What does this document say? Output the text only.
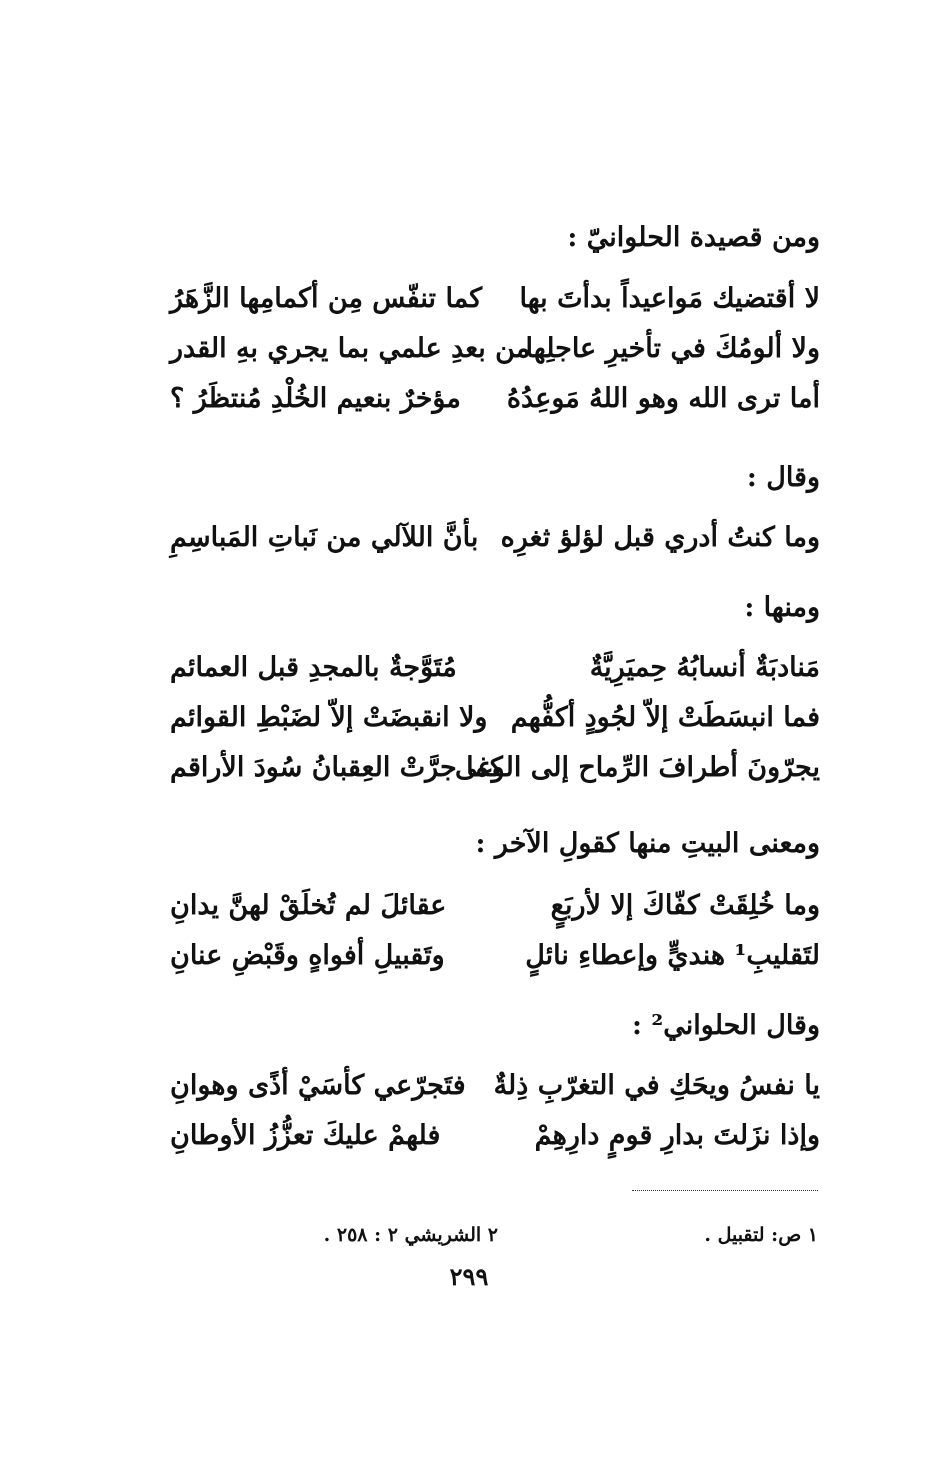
ومن قصيدة الحلوانيّ :
لا أقتضيك مَواعيداً بدأتَ بها
كما تنفّس مِن أكمامِها الزَّهَرُ
ولا ألومُكَ في تأخيرِ عاجلِها
من بعدِ علمي بما يجري بهِ القدر
أما ترى الله وهو اللهُ مَوعِدُهُ
مؤخرٌ بنعيم الخُلْدِ مُنتظَرُ ؟
وقال :
وما كنتُ أدري قبل لؤلؤ ثغرِه
بأنَّ اللآلي من نَباتِ المَباسِمِ
ومنها :
مَنادبَةٌ أنسابُهُ حِميَرِيَّةٌ
مُتَوَّجةٌ بالمجدِ قبل العمائم
فما انبسَطَتْ إلاّ لجُودٍ أكفُّهم
ولا انقبضَتْ إلاّ لضَبْطِ القوائم
يجرّونَ أطرافَ الرِّماح إلى الوغى
كما جرَّتْ العِقبانُ سُودَ الأراقم
ومعنى البيتِ منها كقولِ الآخر :
وما خُلِقَتْ كفّاكَ إلا لأربَعٍ
عقائلَ لم تُخلَقْ لهنَّ يدانِ
لتَقليبِ¹ هنديٍّ وإعطاءِ نائلٍ
وتَقبيلِ أفواهٍ وقَبْضِ عنانِ
وقال الحلواني² :
يا نفسُ ويحَكِ في التغرّبِ ذِلةٌ
فتَجرّعي كأسَيْ أذًى وهوانِ
وإذا نزَلتَ بدارِ قومٍ دارِهِمْ
فلهمْ عليكَ تعزُّزُ الأوطانِ
١ ص: لتقبيل .
٢ الشريشي ٢ : ٢٥٨ .
٢٩٩
